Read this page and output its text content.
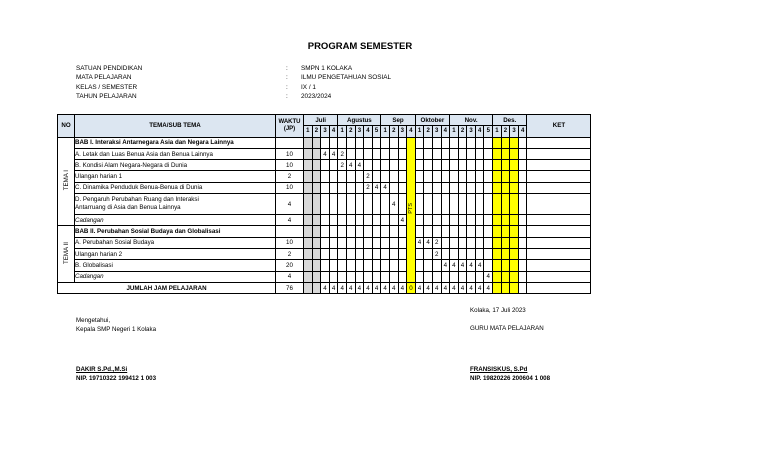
PROGRAM SEMESTER
SATUAN PENDIDIKAN	:	SMPN 1 KOLAKA
MATA PELAJARAN	:	ILMU PENGETAHUAN SOSIAL
KELAS / SEMESTER	:	IX / 1
TAHUN PELAJARAN	:	2023/2024
NO	TEMA/SUB TEMA	WAKTU (JP)	Juli				Agustus					Sep				Oktober				Nov.					Des.				KET
			1	2	3	4	1	2	3	4	5	1	2	3	4	1	2	3	4	1	2	3	4	5	1	2	3	4	
TEMA I	BAB I. Interaksi Antarnegara Asia dan Negara Lainnya														PTS														
	A. Letak dan Luas Benua Asia dan Benua Lainnya	10			4	4	2																						
	B. Kondisi Alam Negara-Negara di Dunia	10					2	4	4																				
	Ulangan harian 1	2								2																			
	C. Dinamika Penduduk Benua-Benua di Dunia	10								2	4	4																	
	D. Pengaruh Perubahan Ruang dan Interaksi
Antarruang di Asia dan Benua Lainnya	4											4																
	Cadangan	4												4															
TEMA II	BAB II. Perubahan Sosial Budaya dan Globalisasi																												
	A. Perubahan Sosial Budaya	10														4	4	2											
	Ulangan harian 2	2																2											
	B. Globalisasi	20																	4	4	4	4	4						
	Cadangan	4																						4					
JUMLAH JAM PELAJARAN		76			4	4	4	4	4	4	4	4	4	4	0	4	4	4	4	4	4	4	4	4					
Kolaka, 17 Juli 2023
Mengetahui,
Kepala SMP Negeri 1 Kolaka	GURU MATA PELAJARAN
DAKIR S.Pd.,M.Si
NIP. 19710322 199412 1 003
FRANSISKUS, S.Pd
NIP. 19820226 200604 1 008
